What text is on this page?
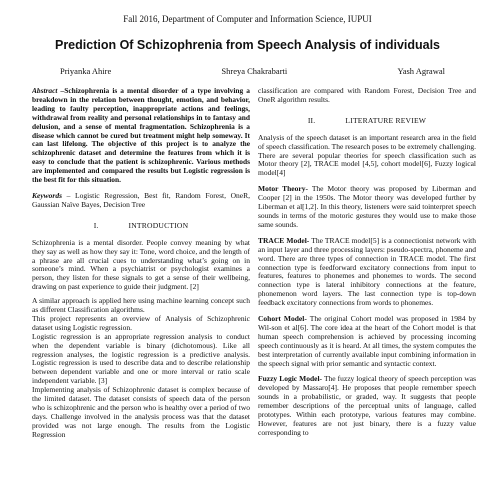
Fall 2016, Department of Computer and Information Science, IUPUI
Prediction Of Schizophrenia from Speech Analysis of individuals
Priyanka Ahire	Shreya Chakrabarti	Yash Agrawal

Abstract –Schizophrenia is a mental disorder of a type involving a breakdown in the relation between thought, emotion, and behavior, leading to faulty perception, inappropriate actions and feelings, withdrawal from reality and personal relationships in to fantasy and delusion, and a sense of mental fragmentation. Schizophrenia is a disease which cannot be cured but treatment might help someway. It can last lifelong. The objective of this project is to analyze the schizophrenic dataset and determine the features from which it is easy to conclude that the patient is schizophrenic. Various methods are implemented and compared the results but Logistic regression is the best fit for this situation.

Keywords – Logistic Regression, Best fit, Random Forest, OneR, Gaussian Naïve Bayes, Decision Tree

I.	INTRODUCTION

Schizophrenia is a mental disorder. People convey meaning by what they say as well as how they say it: Tone, word choice, and the length of a phrase are all crucial cues to understanding what’s going on in someone’s mind. When a psychiatrist or psychologist examines a person, they listen for these signals to get a sense of their wellbeing, drawing on past experience to guide their judgment. [2]

A similar approach is applied here using machine learning concept such as different Classification algorithms.

This project represents an overview of Analysis of Schizophrenic dataset using Logistic regression.

Logistic regression is an appropriate regression analysis to conduct when the dependent variable is binary (dichotomous). Like all regression analyses, the logistic regression is a predictive analysis. Logistic regression is used to describe data and to describe relationship between dependent variable and one or more interval or ratio scale independent variable. [3]

Implementing analysis of Schizophrenic dataset is complex because of the limited dataset. The dataset consists of speech data of the person who is schizophrenic and the person who is healthy over a period of two days. Challenge involved in the analysis process was that the dataset provided was not large enough. The results from the Logistic Regression

classification are compared with Random Forest, Decision Tree and OneR algorithm results.

II.	LITERATURE REVIEW

Analysis of the speech dataset is an important research area in the field of speech classification. The research poses to be extremely challenging. There are several popular theories for speech classification such as Motor theory [2], TRACE model [4,5], cohort model[6], Fuzzy logical model[4]

Motor Theory- The Motor theory was proposed by Liberman and Cooper [2] in the 1950s. The Motor theory was developed further by Liberman et al[1,2]. In this theory, listeners were said tointerpret speech sounds in terms of the motoric gestures they would use to make those same sounds.

TRACE Model- The TRACE model[5] is a connectionist network with an input layer and three processing layers: pseudo-spectra, phoneme and word. There are three types of connection in TRACE model. The first connection type is feedforward excitatory connections from input to features, features to phonemes and phonemes to words. The second connection type is lateral inhibitory connections at the feature, phonemenon word layers. The last connection type is top-down feedback excitatory connections from words to phonemes.

Cohort Model- The original Cohort model was proposed in 1984 by Wil-son et al[6]. The core idea at the heart of the Cohort model is that human speech comprehension is achieved by processing incoming speech continuously as it is heard. At all times, the system computes the best interpretation of currently available input combining information in the speech signal with prior semantic and syntactic context.

Fuzzy Logic Model- The fuzzy logical theory of speech perception was developed by Massaro[4]. He proposes that people remember speech sounds in a probabilistic, or graded, way. It suggests that people remember descriptions of the perceptual units of language, called prototypes. Within each prototype, various features may combine. However, features are not just binary, there is a fuzzy value corresponding to
